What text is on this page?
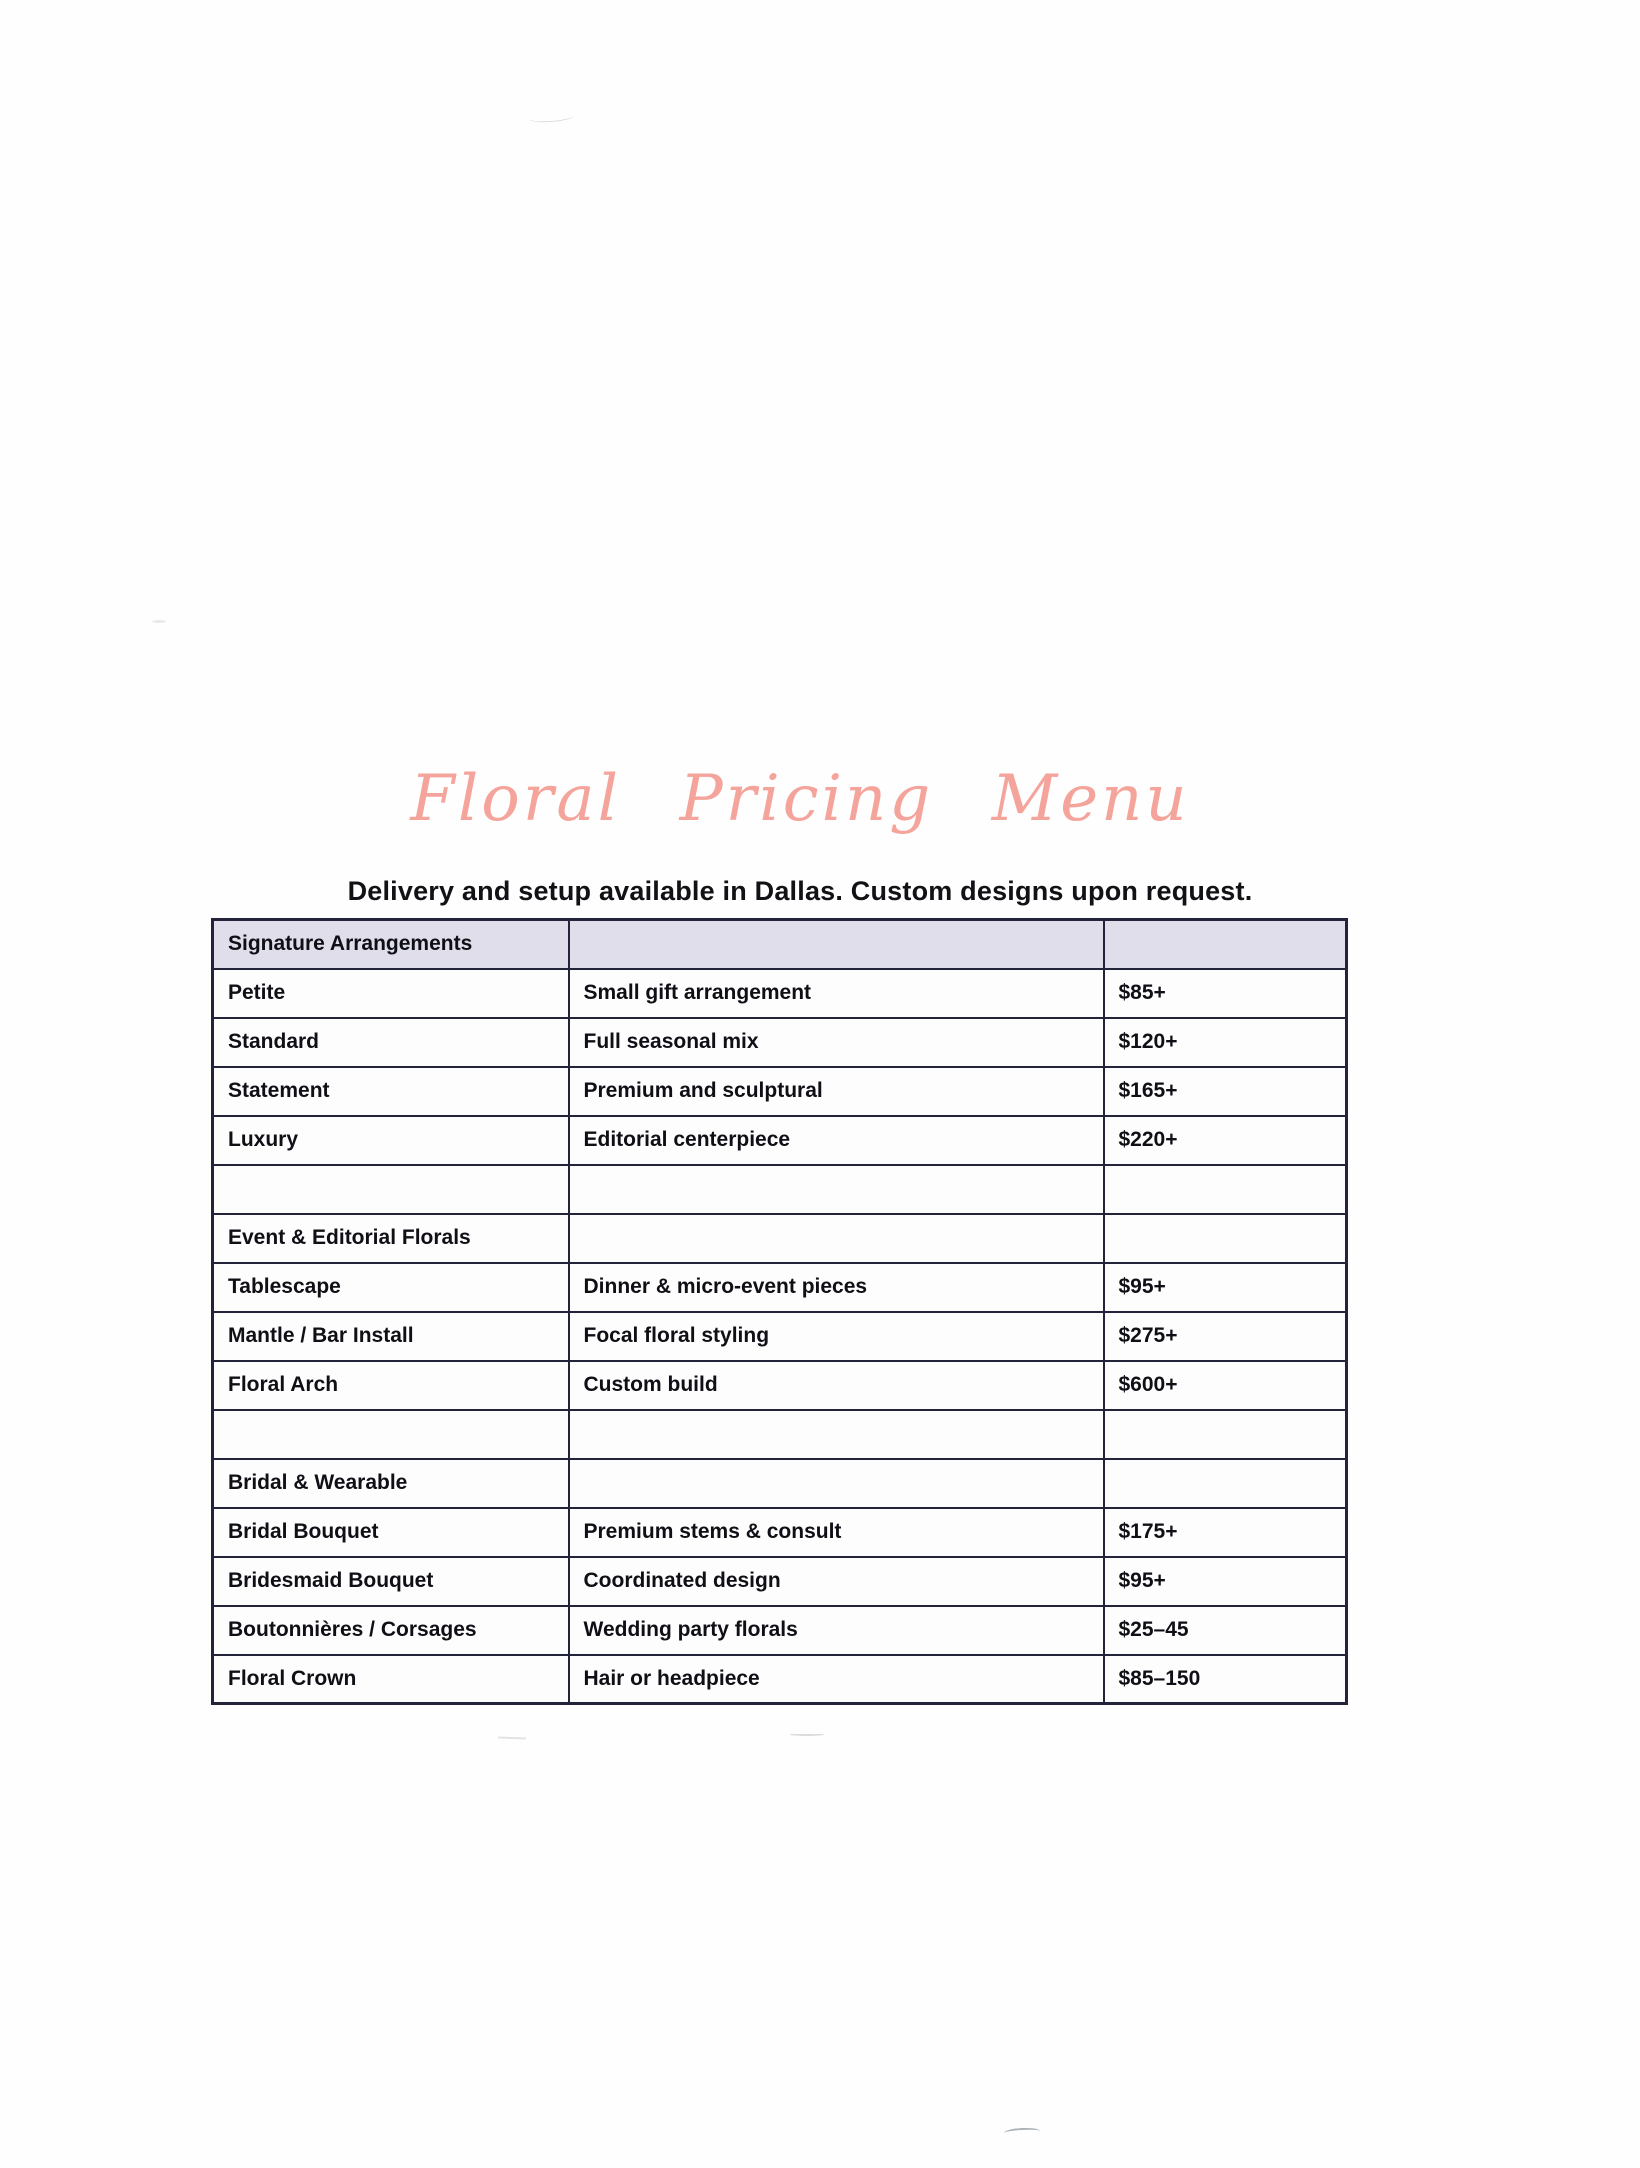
Floral Pricing Menu

Delivery and setup available in Dallas. Custom designs upon request.

Signature Arrangements		
Petite	Small gift arrangement	$85+
Standard	Full seasonal mix	$120+
Statement	Premium and sculptural	$165+
Luxury	Editorial centerpiece	$220+

Event & Editorial Florals		
Tablescape	Dinner & micro-event pieces	$95+
Mantle / Bar Install	Focal floral styling	$275+
Floral Arch	Custom build	$600+

Bridal & Wearable		
Bridal Bouquet	Premium stems & consult	$175+
Bridesmaid Bouquet	Coordinated design	$95+
Boutonnières / Corsages	Wedding party florals	$25–45
Floral Crown	Hair or headpiece	$85–150
